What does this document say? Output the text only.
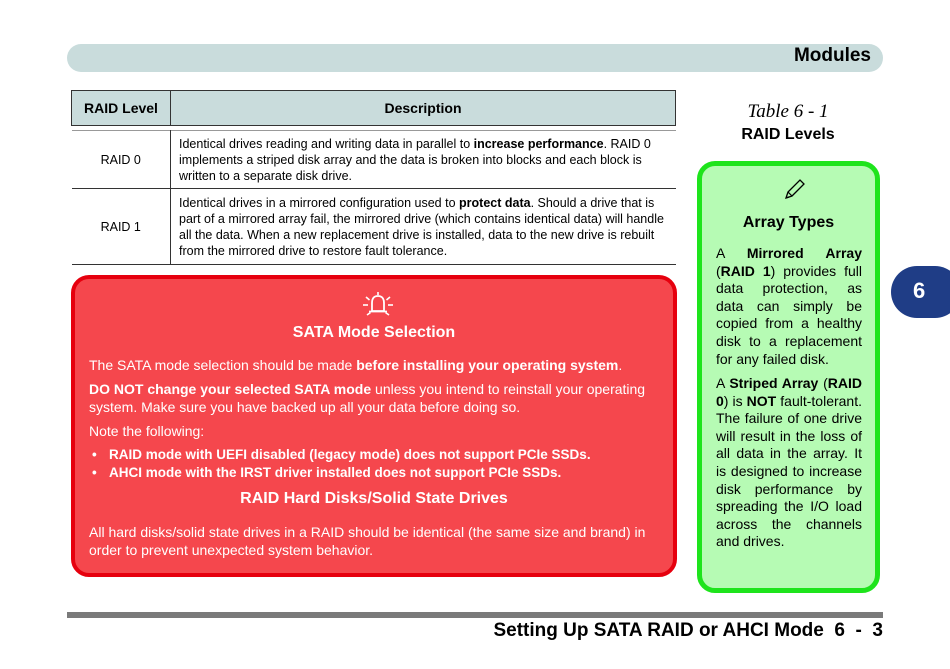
Modules
RAID Level	Description

RAID 0	Identical drives reading and writing data in parallel to increase performance. RAID 0 implements a striped disk array and the data is broken into blocks and each block is written to a separate disk drive.
RAID 1	Identical drives in a mirrored configuration used to protect data. Should a drive that is part of a mirrored array fail, the mirrored drive (which contains identical data) will handle all the data. When a new replacement drive is installed, data to the new drive is rebuilt from the mirrored drive to restore fault tolerance.
Table 6 - 1
RAID Levels
SATA Mode Selection
The SATA mode selection should be made before installing your operating system.
DO NOT change your selected SATA mode unless you intend to reinstall your operating system. Make sure you have backed up all your data before doing so.
Note the following:
• RAID mode with UEFI disabled (legacy mode) does not support PCIe SSDs.
• AHCI mode with the IRST driver installed does not support PCIe SSDs.
RAID Hard Disks/Solid State Drives
All hard disks/solid state drives in a RAID should be identical (the same size and brand) in order to prevent unexpected system behavior.
Array Types
A Mirrored Array (RAID 1) provides full data protection, as data can simply be copied from a healthy disk to a replacement for any failed disk.
A Striped Array (RAID 0) is NOT fault-tolerant. The failure of one drive will result in the loss of all data in the array. It is designed to increase disk performance by spreading the I/O load across the channels and drives.
6
Setting Up SATA RAID or AHCI Mode 6  -  3
